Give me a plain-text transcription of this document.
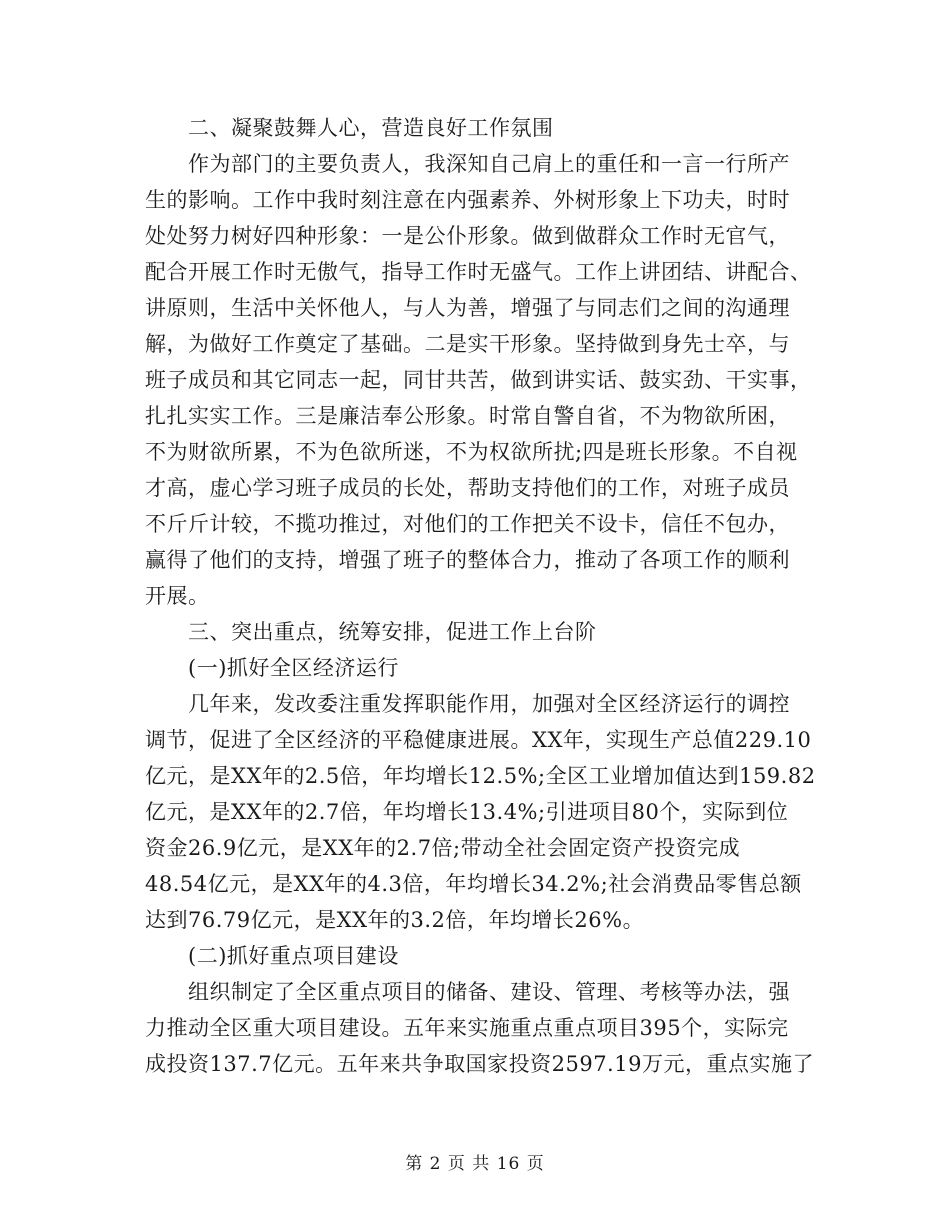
二、凝聚鼓舞人心，营造良好工作氛围
作为部门的主要负责人，我深知自己肩上的重任和一言一行所产
生的影响。工作中我时刻注意在内强素养、外树形象上下功夫，时时
处处努力树好四种形象：一是公仆形象。做到做群众工作时无官气，
配合开展工作时无傲气，指导工作时无盛气。工作上讲团结、讲配合、
讲原则，生活中关怀他人，与人为善，增强了与同志们之间的沟通理
解，为做好工作奠定了基础。二是实干形象。坚持做到身先士卒，与
班子成员和其它同志一起，同甘共苦，做到讲实话、鼓实劲、干实事，
扎扎实实工作。三是廉洁奉公形象。时常自警自省，不为物欲所困，
不为财欲所累，不为色欲所迷，不为权欲所扰;四是班长形象。不自视
才高，虚心学习班子成员的长处，帮助支持他们的工作，对班子成员
不斤斤计较，不揽功推过，对他们的工作把关不设卡，信任不包办，
赢得了他们的支持，增强了班子的整体合力，推动了各项工作的顺利
开展。
三、突出重点，统筹安排，促进工作上台阶
(一)抓好全区经济运行
几年来，发改委注重发挥职能作用，加强对全区经济运行的调控
调节，促进了全区经济的平稳健康进展。XX年，实现生产总值229.10
亿元，是XX年的2.5倍，年均增长12.5%;全区工业增加值达到159.82
亿元，是XX年的2.7倍，年均增长13.4%;引进项目80个，实际到位
资金26.9亿元，是XX年的2.7倍;带动全社会固定资产投资完成
48.54亿元，是XX年的4.3倍，年均增长34.2%;社会消费品零售总额
达到76.79亿元，是XX年的3.2倍，年均增长26%。
(二)抓好重点项目建设
组织制定了全区重点项目的储备、建设、管理、考核等办法，强
力推动全区重大项目建设。五年来实施重点重点项目395个，实际完
成投资137.7亿元。五年来共争取国家投资2597.19万元，重点实施了
第 2 页 共 16 页
